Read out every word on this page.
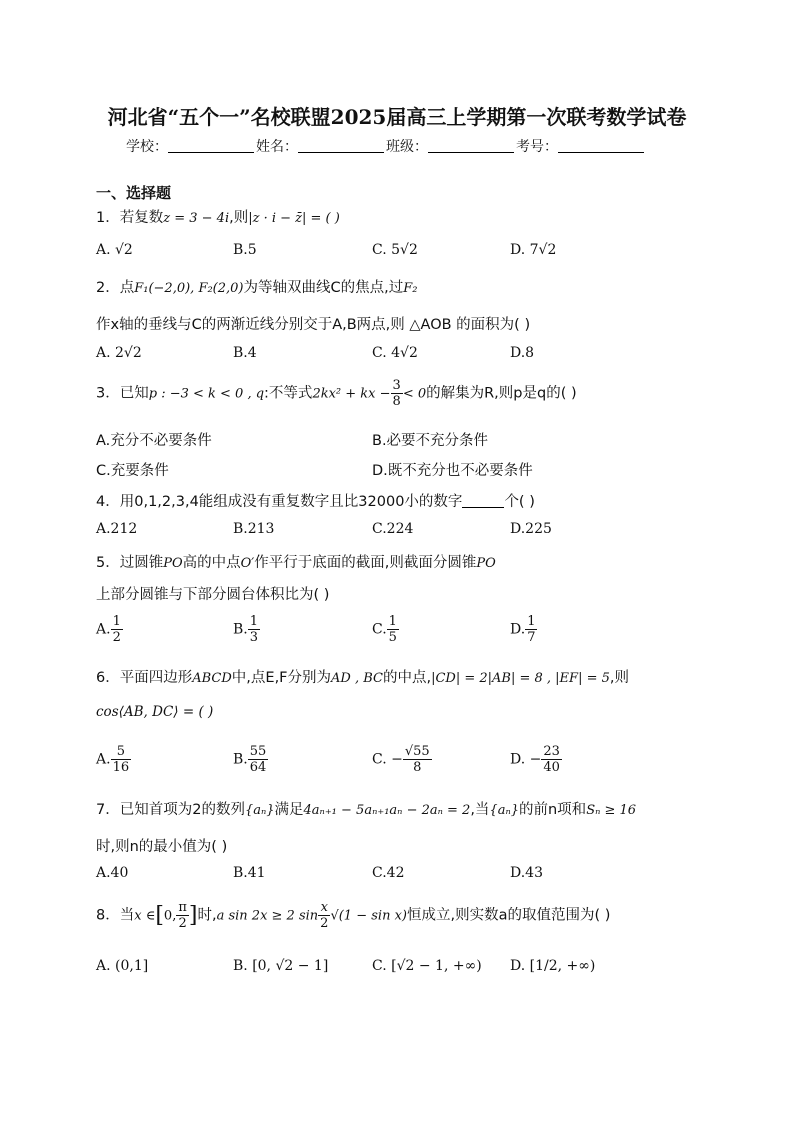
河北省“五个一”名校联盟2025届高三上学期第一次联考数学试卷
学校：	姓名：	班级：	考号：
一、选择题
1．若复数z = 3 − 4i,则|z · i − z̄| = ( )
A. √2	B.5	C. 5√2	D. 7√2
2．点F₁(−2,0), F₂(2,0)为等轴双曲线C的焦点,过F₂
作x轴的垂线与C的两渐近线分别交于A,B两点,则 △AOB 的面积为( )
A. 2√2	B.4	C. 4√2	D.8
3．已知p : −3 < k < 0 , q:不等式2kx² + kx − $\frac{3}{8} < 0$的解集为R,则p是q的( )
A.充分不必要条件	B.必要不充分条件
C.充要条件	D.既不充分也不必要条件
4．用0,1,2,3,4能组成没有重复数字且比32000小的数字	个( )
A.212	B.213	C.224	D.225
5．过圆锥PO高的中点O′作平行于底面的截面,则截面分圆锥PO
上部分圆锥与下部分圆台体积比为( )
A. $\frac{1}{2}$	B. $\frac{1}{3}$	C. $\frac{1}{5}$	D. $\frac{1}{7}$
6．平面四边形ABCD中,点E,F分别为AD , BC的中点,|CD| = 2|AB| = 8 , |EF| = 5,则
cos⟨AB, DC⟩ = ( )
A. $\frac{5}{16}$	B. $\frac{55}{64}$	C. − $\frac{√55}{8}$	D. − $\frac{23}{40}$
7．已知首项为2的数列{aₙ}满足4aₙ₊₁ − 5aₙ₊₁aₙ − 2aₙ = 2,当{aₙ}的前n项和Sₙ ≥ 16
时,则n的最小值为( )
A.40	B.41	C.42	D.43
8．当x ∈[0, $\frac{\pi}{2}$ ]时,a sin 2x ≥ 2 $\sin \frac{x}{2} √(1 - \sin x)$恒成立,则实数a的取值范围为( )
A. (0,1]	B. [0, √2 − 1]	C. [√2 − 1, +∞) D. [1/2, +∞)
